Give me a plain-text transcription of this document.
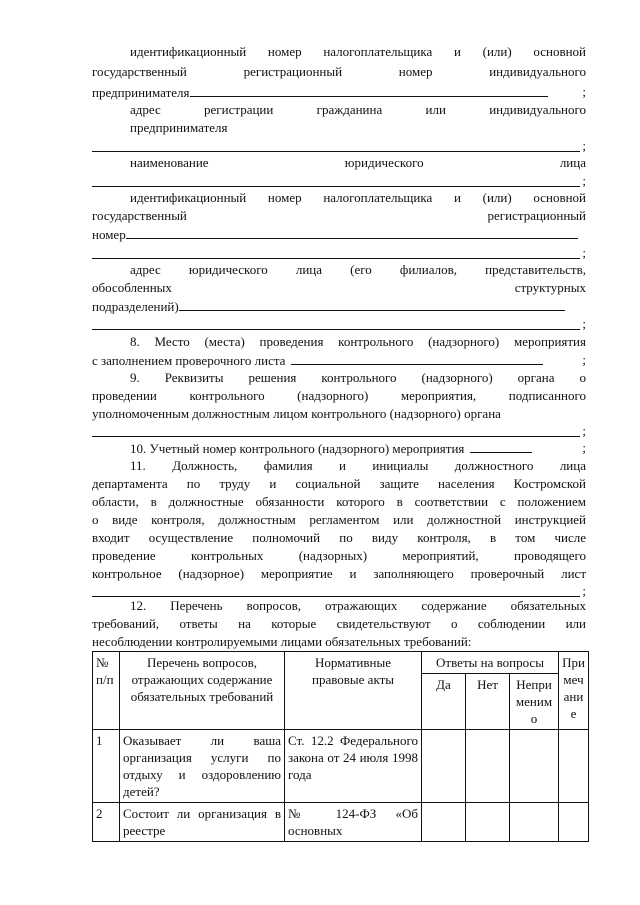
идентификационный номер налогоплательщика и (или) основной
государственный регистрационный номер индивидуального
предпринимателя	;
адрес регистрации гражданина или индивидуального
предпринимателя
;
наименование юридического лица
;
идентификационный номер налогоплательщика и (или) основной
государственный регистрационный
номер
;
адрес юридического лица (его филиалов, представительств,
обособленных структурных
подразделений)
;
8. Место (места) проведения контрольного (надзорного) мероприятия
с заполнением проверочного листа	;
9. Реквизиты решения контрольного (надзорного) органа о
проведении контрольного (надзорного) мероприятия, подписанного
уполномоченным должностным лицом контрольного (надзорного) органа
;
10. Учетный номер контрольного (надзорного) мероприятия	;
11. Должность, фамилия и инициалы должностного лица
департамента по труду и социальной защите населения Костромской
области, в должностные обязанности которого в соответствии с положением
о виде контроля, должностным регламентом или должностной инструкцией
входит осуществление полномочий по виду контроля, в том числе
проведение контрольных (надзорных) мероприятий, проводящего
контрольное (надзорное) мероприятие и заполняющего проверочный лист
;
12. Перечень вопросов, отражающих содержание обязательных
требований, ответы на которые свидетельствуют о соблюдении или
несоблюдении контролируемыми лицами обязательных требований:
№ п/п	Перечень вопросов, отражающих содержание обязательных требований	Нормативные правовые акты	Ответы на вопросы			Примечание
			Да	Нет	Неприменимо	
1	Оказывает ли ваша организация услуги по отдыху и оздоровлению детей?	Ст. 12.2 Федерального закона от 24 июля 1998 года				
2	Состоит ли организация в реестре	№ 124-ФЗ «Об основных				
